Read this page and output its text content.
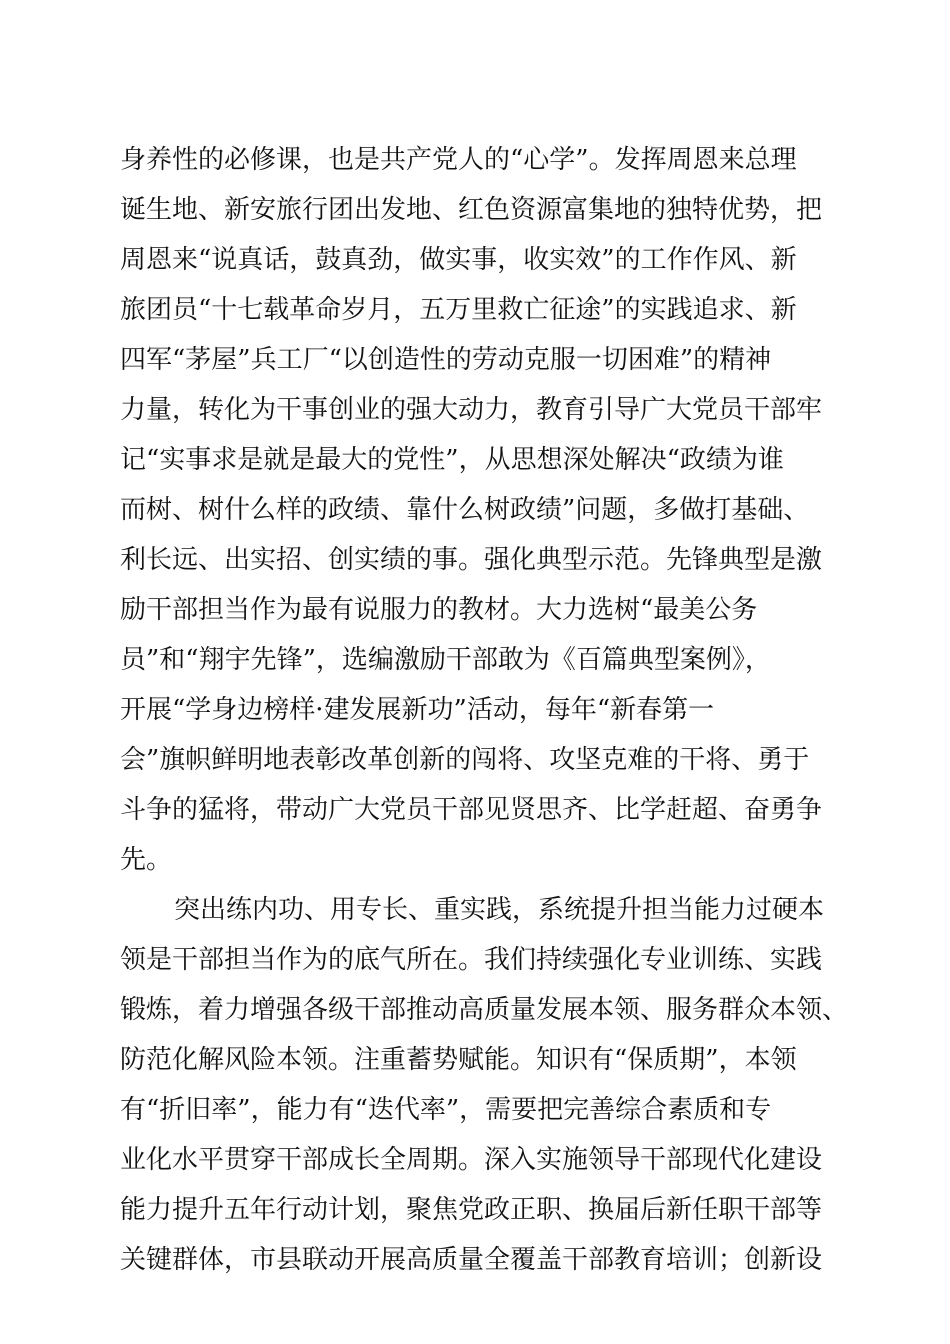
身养性的必修课，也是共产党人的“心学”。发挥周恩来总理
诞生地、新安旅行团出发地、红色资源富集地的独特优势，把
周恩来“说真话，鼓真劲，做实事，收实效”的工作作风、新
旅团员“十七载革命岁月，五万里救亡征途”的实践追求、新
四军“茅屋”兵工厂“以创造性的劳动克服一切困难”的精神
力量，转化为干事创业的强大动力，教育引导广大党员干部牢
记“实事求是就是最大的党性”，从思想深处解决“政绩为谁
而树、树什么样的政绩、靠什么树政绩”问题，多做打基础、
利长远、出实招、创实绩的事。强化典型示范。先锋典型是激
励干部担当作为最有说服力的教材。大力选树“最美公务
员”和“翔宇先锋”，选编激励干部敢为《百篇典型案例》，
开展“学身边榜样·建发展新功”活动，每年“新春第一
会”旗帜鲜明地表彰改革创新的闯将、攻坚克难的干将、勇于
斗争的猛将，带动广大党员干部见贤思齐、比学赶超、奋勇争
先。
突出练内功、用专长、重实践，系统提升担当能力过硬本
领是干部担当作为的底气所在。我们持续强化专业训练、实践
锻炼，着力增强各级干部推动高质量发展本领、服务群众本领、
防范化解风险本领。注重蓄势赋能。知识有“保质期”，本领
有“折旧率”，能力有“迭代率”，需要把完善综合素质和专
业化水平贯穿干部成长全周期。深入实施领导干部现代化建设
能力提升五年行动计划，聚焦党政正职、换届后新任职干部等
关键群体，市县联动开展高质量全覆盖干部教育培训；创新设
